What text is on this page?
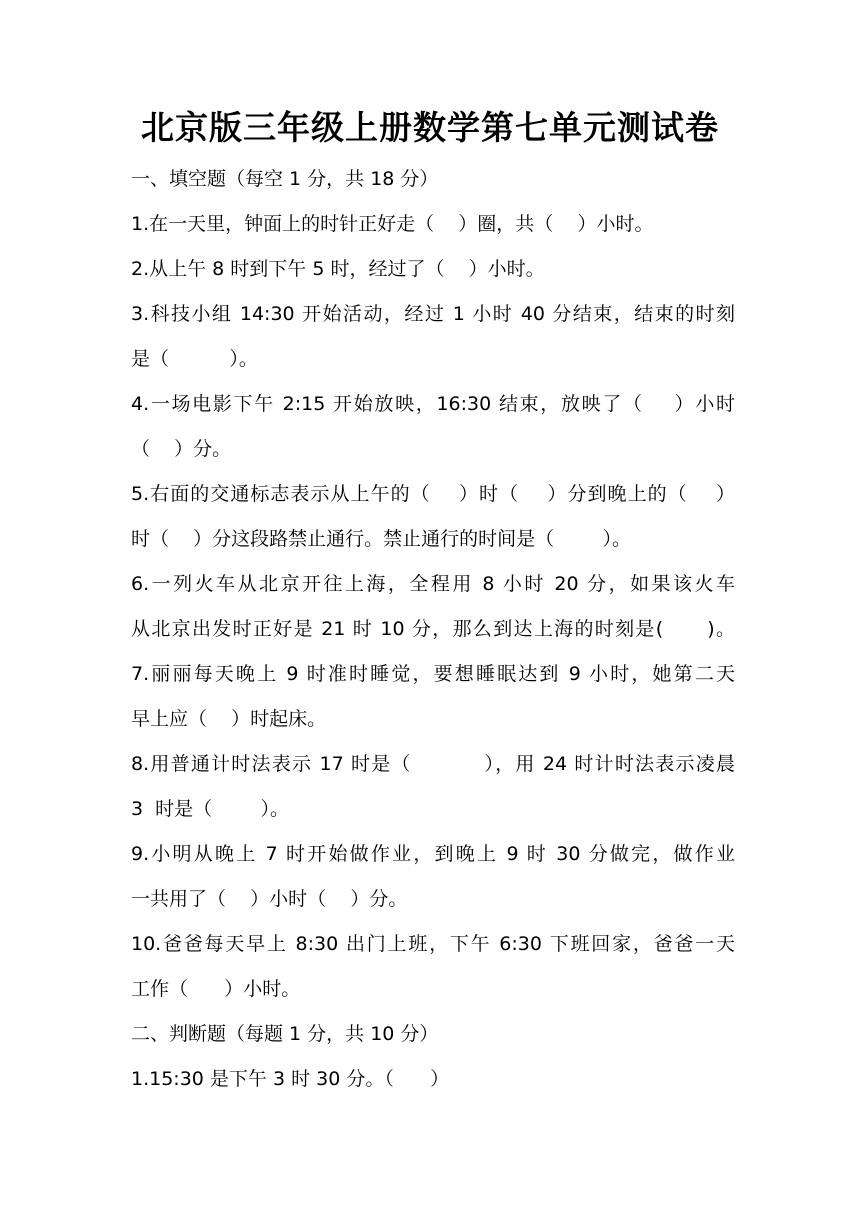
北京版三年级上册数学第七单元测试卷
一、填空题（每空 1 分，共 18 分）
1.在一天里，钟面上的时针正好走（    ）圈，共（    ）小时。
2.从上午 8 时到下午 5 时，经过了（    ）小时。
3.科技小组 14:30 开始活动，经过 1 小时 40 分结束，结束的时刻
是（          ）。
4.一场电影下午 2:15 开始放映，16:30 结束，放映了（    ）小时
（    ）分。
5.右面的交通标志表示从上午的（    ）时（    ）分到晚上的（    ）
时（    ）分这段路禁止通行。禁止通行的时间是（        ）。
6.一列火车从北京开往上海，全程用 8 小时 20 分，如果该火车
从北京出发时正好是 21 时 10 分，那么到达上海的时刻是(      )。
7.丽丽每天晚上 9 时准时睡觉，要想睡眠达到 9 小时，她第二天
早上应（    ）时起床。
8.用普通计时法表示 17 时是（          ），用 24 时计时法表示凌晨
3  时是（        ）。
9.小明从晚上 7 时开始做作业，到晚上 9 时 30 分做完，做作业
一共用了（    ）小时（    ）分。
10.爸爸每天早上 8:30 出门上班，下午 6:30 下班回家，爸爸一天
工作（      ）小时。
二、判断题（每题 1 分，共 10 分）
1.15:30 是下午 3 时 30 分。（      ）
